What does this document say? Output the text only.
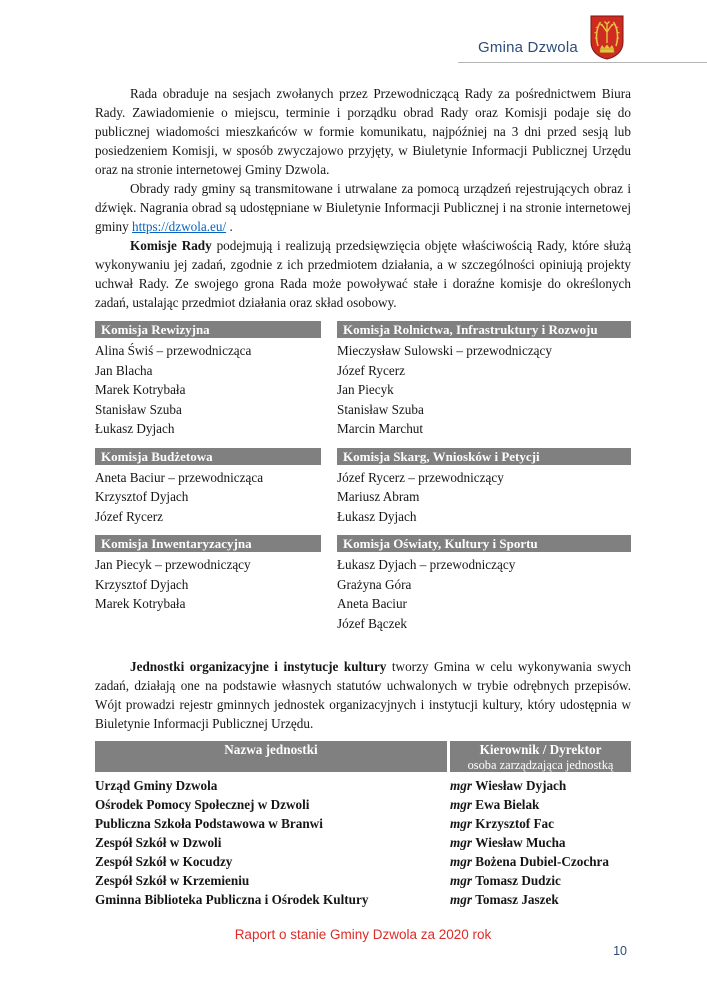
Gmina Dzwola

Rada obraduje na sesjach zwołanych przez Przewodniczącą Rady za pośrednictwem Biura Rady. Zawiadomienie o miejscu, terminie i porządku obrad Rady oraz Komisji podaje się do publicznej wiadomości mieszkańców w formie komunikatu, najpóźniej na 3 dni przed sesją lub posiedzeniem Komisji, w sposób zwyczajowo przyjęty, w Biuletynie Informacji Publicznej Urzędu oraz na stronie internetowej Gminy Dzwola.

Obrady rady gminy są transmitowane i utrwalane za pomocą urządzeń rejestrujących obraz i dźwięk. Nagrania obrad są udostępniane w Biuletynie Informacji Publicznej i na stronie internetowej gminy https://dzwola.eu/ .

Komisje Rady podejmują i realizują przedsięwzięcia objęte właściwością Rady, które służą wykonywaniu jej zadań, zgodnie z ich przedmiotem działania, a w szczególności opiniują projekty uchwał Rady. Ze swojego grona Rada może powoływać stałe i doraźne komisje do określonych zadań, ustalając przedmiot działania oraz skład osobowy.

Komisja Rewizyjna
Alina Świś – przewodnicząca
Jan Blacha
Marek Kotrybała
Stanisław Szuba
Łukasz Dyjach
Komisja Rolnictwa, Infrastruktury i Rozwoju
Mieczysław Sulowski – przewodniczący
Józef Rycerz
Jan Piecyk
Stanisław Szuba
Marcin Marchut
Komisja Budżetowa
Aneta Baciur – przewodnicząca
Krzysztof Dyjach
Józef Rycerz
Komisja Skarg, Wniosków i Petycji
Józef Rycerz – przewodniczący
Mariusz Abram
Łukasz Dyjach
Komisja Inwentaryzacyjna
Jan Piecyk – przewodniczący
Krzysztof Dyjach
Marek Kotrybała
Komisja Oświaty, Kultury i Sportu
Łukasz Dyjach – przewodniczący
Grażyna Góra
Aneta Baciur
Józef Bączek

Jednostki organizacyjne i instytucje kultury tworzy Gmina w celu wykonywania swych zadań, działają one na podstawie własnych statutów uchwalonych w trybie odrębnych przepisów. Wójt prowadzi rejestr gminnych jednostek organizacyjnych i instytucji kultury, który udostępnia w Biuletynie Informacji Publicznej Urzędu.

Nazwa jednostki	Kierownik / Dyrektor
osoba zarządzająca jednostką
Urząd Gminy Dzwola	mgr Wiesław Dyjach
Ośrodek Pomocy Społecznej w Dzwoli	mgr Ewa Bielak
Publiczna Szkoła Podstawowa w Branwi	mgr Krzysztof Fac
Zespół Szkół w Dzwoli	mgr Wiesław Mucha
Zespół Szkół w Kocudzy	mgr Bożena Dubiel-Czochra
Zespół Szkół w Krzemieniu	mgr Tomasz Dudzic
Gminna Biblioteka Publiczna i Ośrodek Kultury	mgr Tomasz Jaszek
Raport o stanie Gminy Dzwola za 2020 rok
10
